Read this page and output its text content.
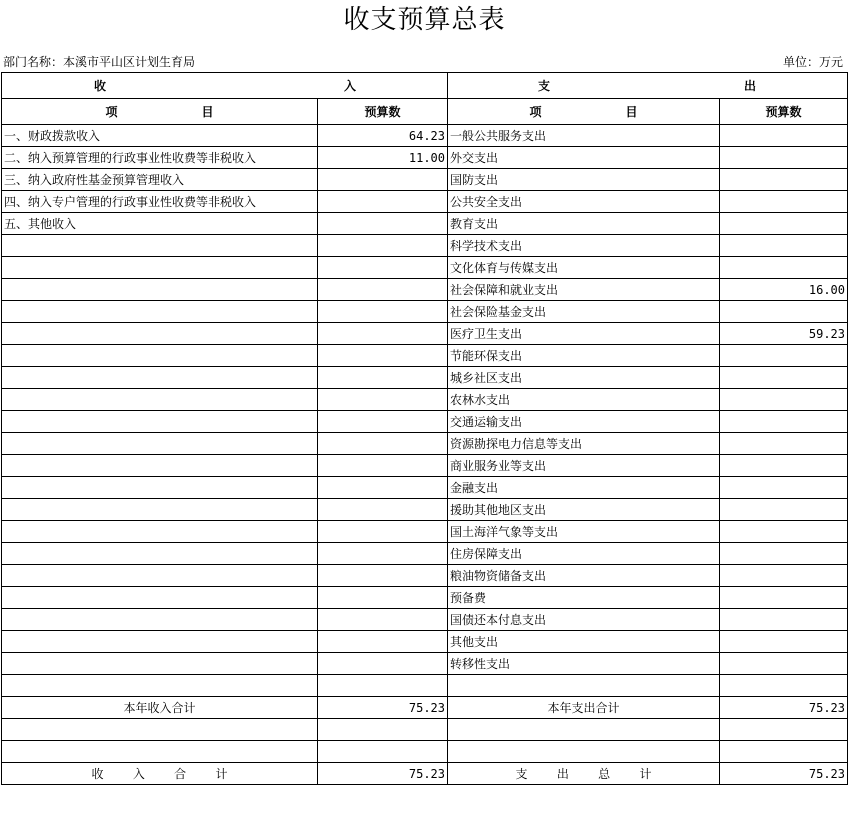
收支预算总表
部门名称：本溪市平山区计划生育局	单位：万元
收 入		支 出	

项 目	预算数	项 目	预算数
一、财政拨款收入	64.23	一般公共服务支出	
二、纳入预算管理的行政事业性收费等非税收入	11.00	外交支出	
三、纳入政府性基金预算管理收入		国防支出	
四、纳入专户管理的行政事业性收费等非税收入		公共安全支出	
五、其他收入		教育支出	
		科学技术支出	
		文化体育与传媒支出	
		社会保障和就业支出	16.00
		社会保险基金支出	
		医疗卫生支出	59.23
		节能环保支出	
		城乡社区支出	
		农林水支出	
		交通运输支出	
		资源勘探电力信息等支出	
		商业服务业等支出	
		金融支出	
		援助其他地区支出	
		国土海洋气象等支出	
		住房保障支出	
		粮油物资储备支出	
		预备费	
		国债还本付息支出	
		其他支出	
		转移性支出	

本年收入合计	75.23	本年支出合计	75.23

收 入 合 计	75.23	支 出 总 计	75.23
